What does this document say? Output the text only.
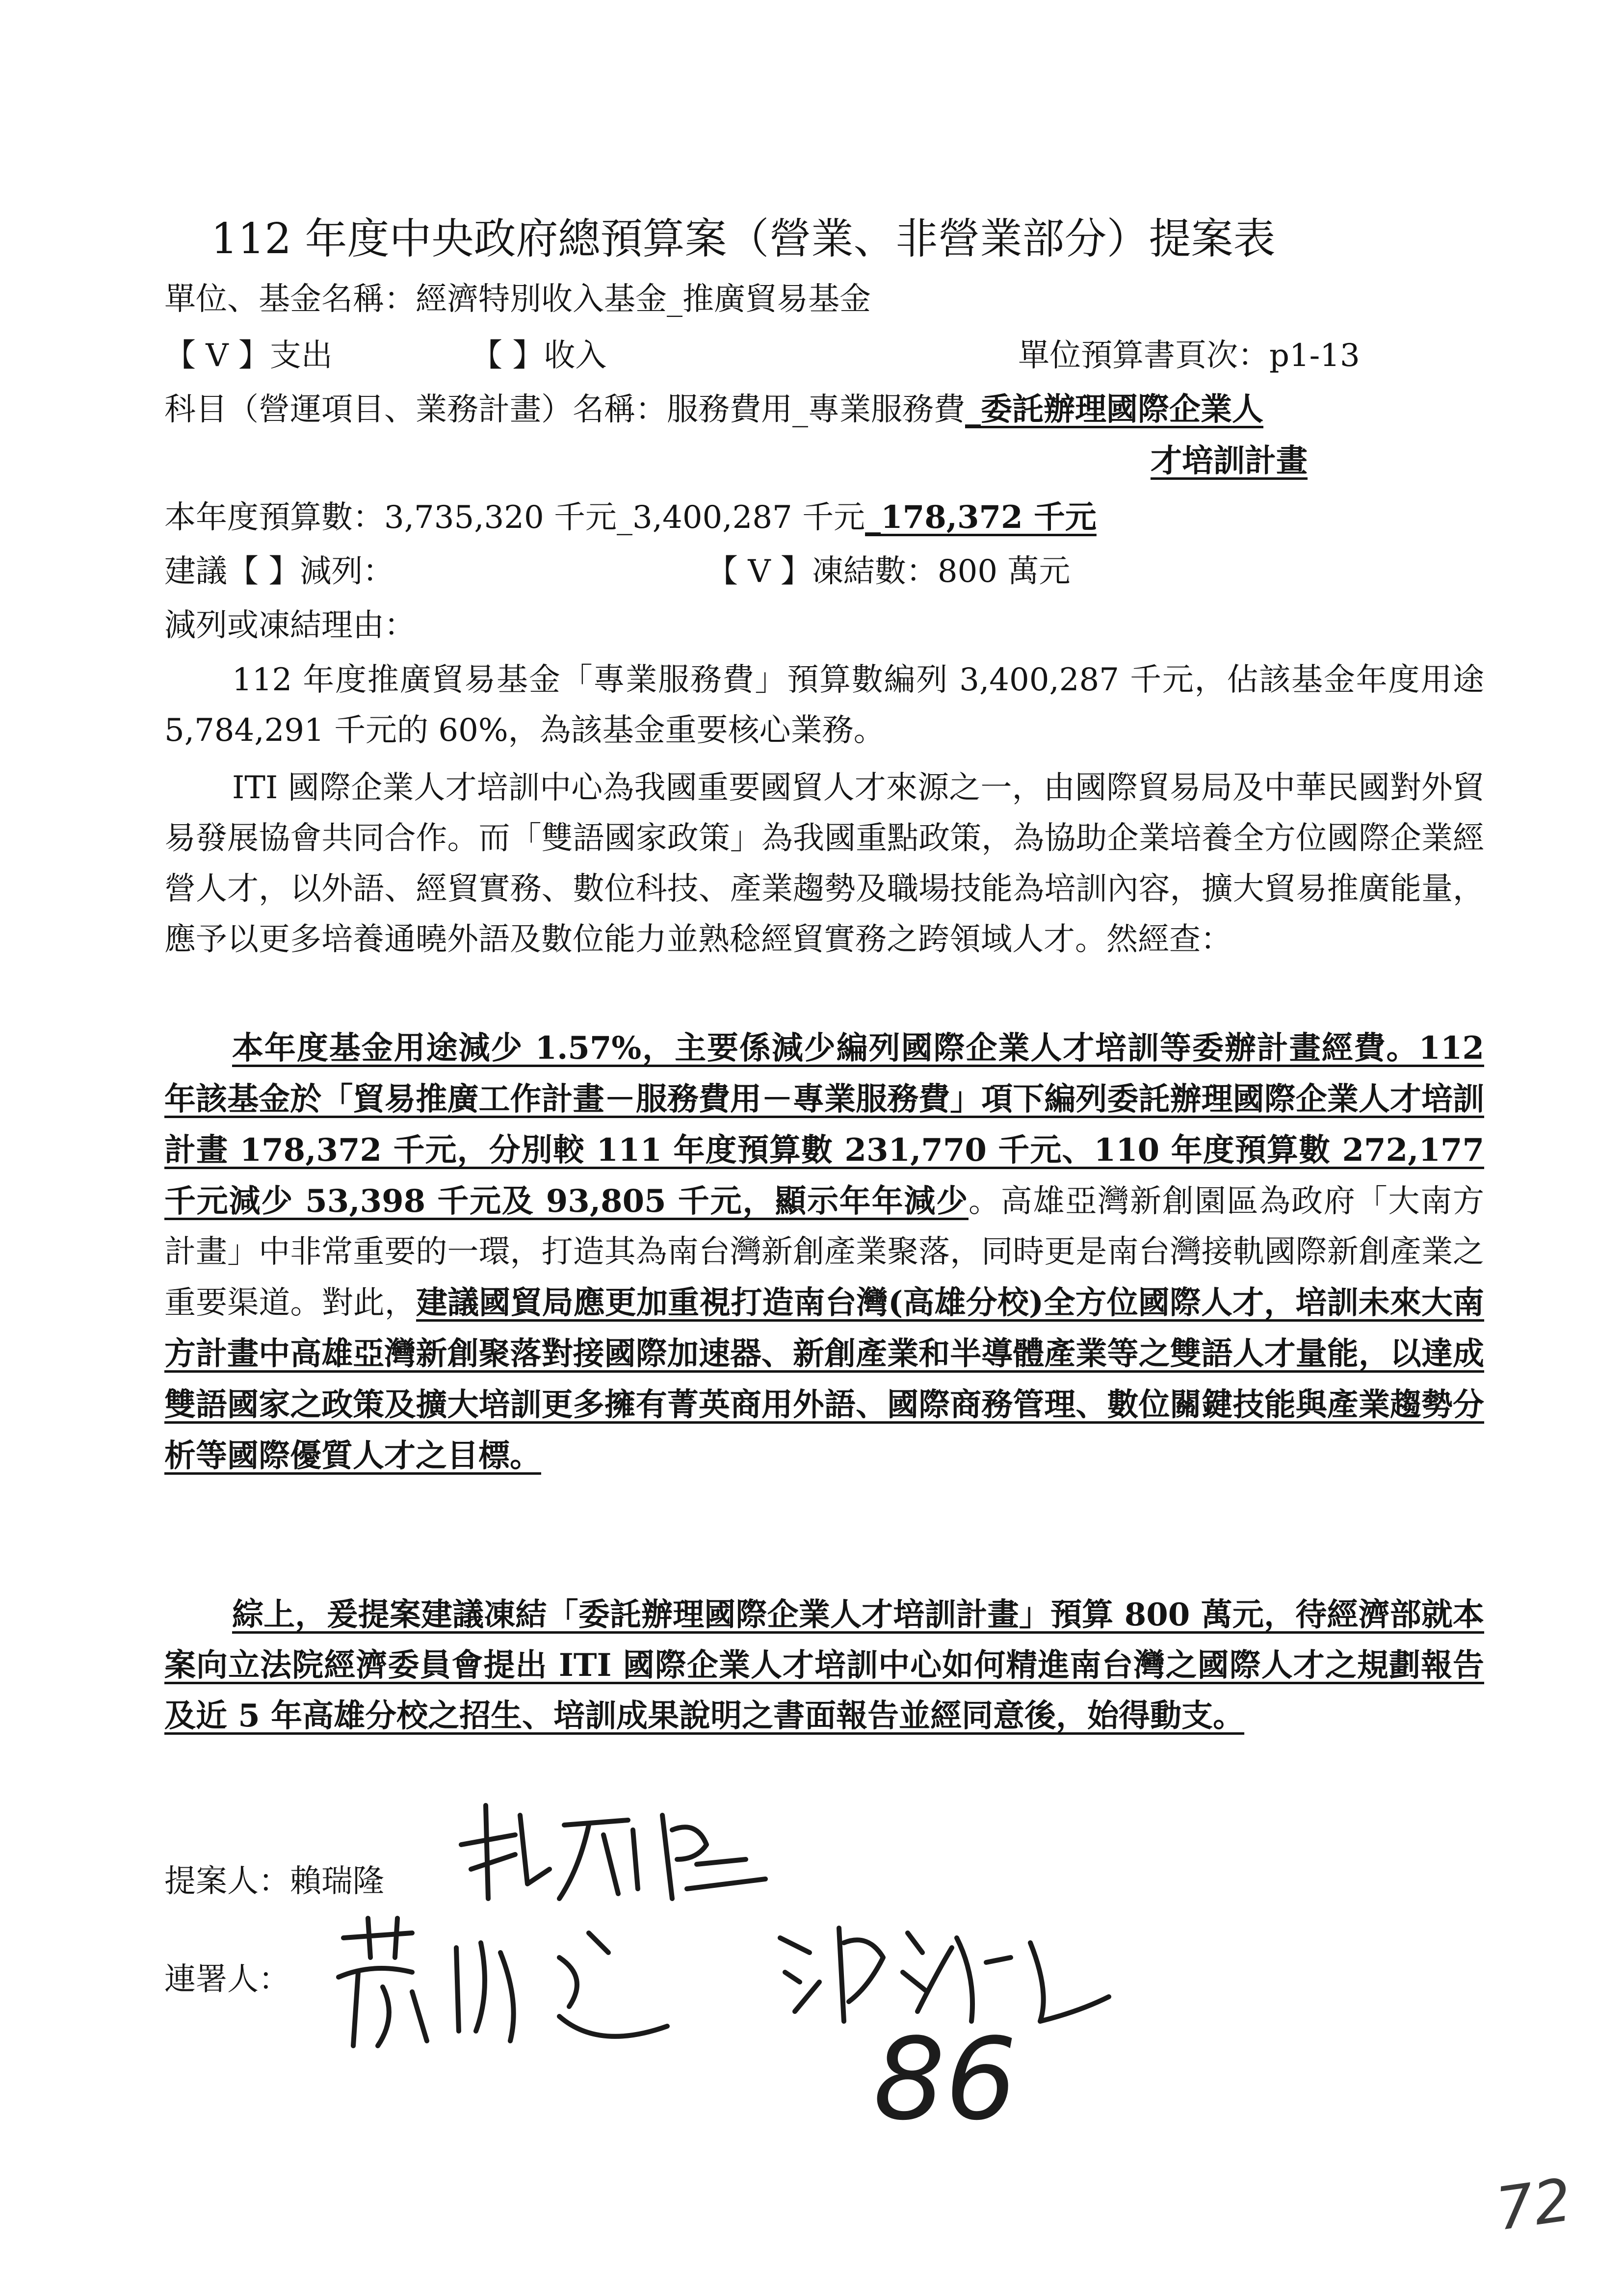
112 年度中央政府總預算案（營業、非營業部分）提案表
單位、基金名稱：經濟特別收入基金_推廣貿易基金
【 V 】支出	【 】收入	單位預算書頁次：p1-13
科目（營運項目、業務計畫）名稱：服務費用_專業服務費_委託辦理國際企業人
才培訓計畫
本年度預算數：3,735,320 千元_3,400,287 千元_178,372 千元
建議【 】減列：	【 V 】凍結數：800 萬元
減列或凍結理由：
112 年度推廣貿易基金「專業服務費」預算數編列 3,400,287 千元，佔該基金年度用途 5,784,291 千元的 60%，為該基金重要核心業務。
ITI 國際企業人才培訓中心為我國重要國貿人才來源之一，由國際貿易局及中華民國對外貿易發展協會共同合作。而「雙語國家政策」為我國重點政策，為協助企業培養全方位國際企業經營人才，以外語、經貿實務、數位科技、產業趨勢及職場技能為培訓內容，擴大貿易推廣能量，應予以更多培養通曉外語及數位能力並熟稔經貿實務之跨領域人才。然經查：
本年度基金用途減少 1.57%，主要係減少編列國際企業人才培訓等委辦計畫經費。112 年該基金於「貿易推廣工作計畫－服務費用－專業服務費」項下編列委託辦理國際企業人才培訓計畫 178,372 千元，分別較 111 年度預算數 231,770 千元、110 年度預算數 272,177 千元減少 53,398 千元及 93,805 千元，顯示年年減少。高雄亞灣新創園區為政府「大南方計畫」中非常重要的一環，打造其為南台灣新創產業聚落，同時更是南台灣接軌國際新創產業之重要渠道。對此，建議國貿局應更加重視打造南台灣(高雄分校)全方位國際人才，培訓未來大南方計畫中高雄亞灣新創聚落對接國際加速器、新創產業和半導體產業等之雙語人才量能，以達成雙語國家之政策及擴大培訓更多擁有菁英商用外語、國際商務管理、數位關鍵技能與產業趨勢分析等國際優質人才之目標。
綜上，爰提案建議凍結「委託辦理國際企業人才培訓計畫」預算 800 萬元，待經濟部就本案向立法院經濟委員會提出 ITI 國際企業人才培訓中心如何精進南台灣之國際人才之規劃報告及近 5 年高雄分校之招生、培訓成果說明之書面報告並經同意後，始得動支。
提案人：賴瑞隆
連署人：
86
72
